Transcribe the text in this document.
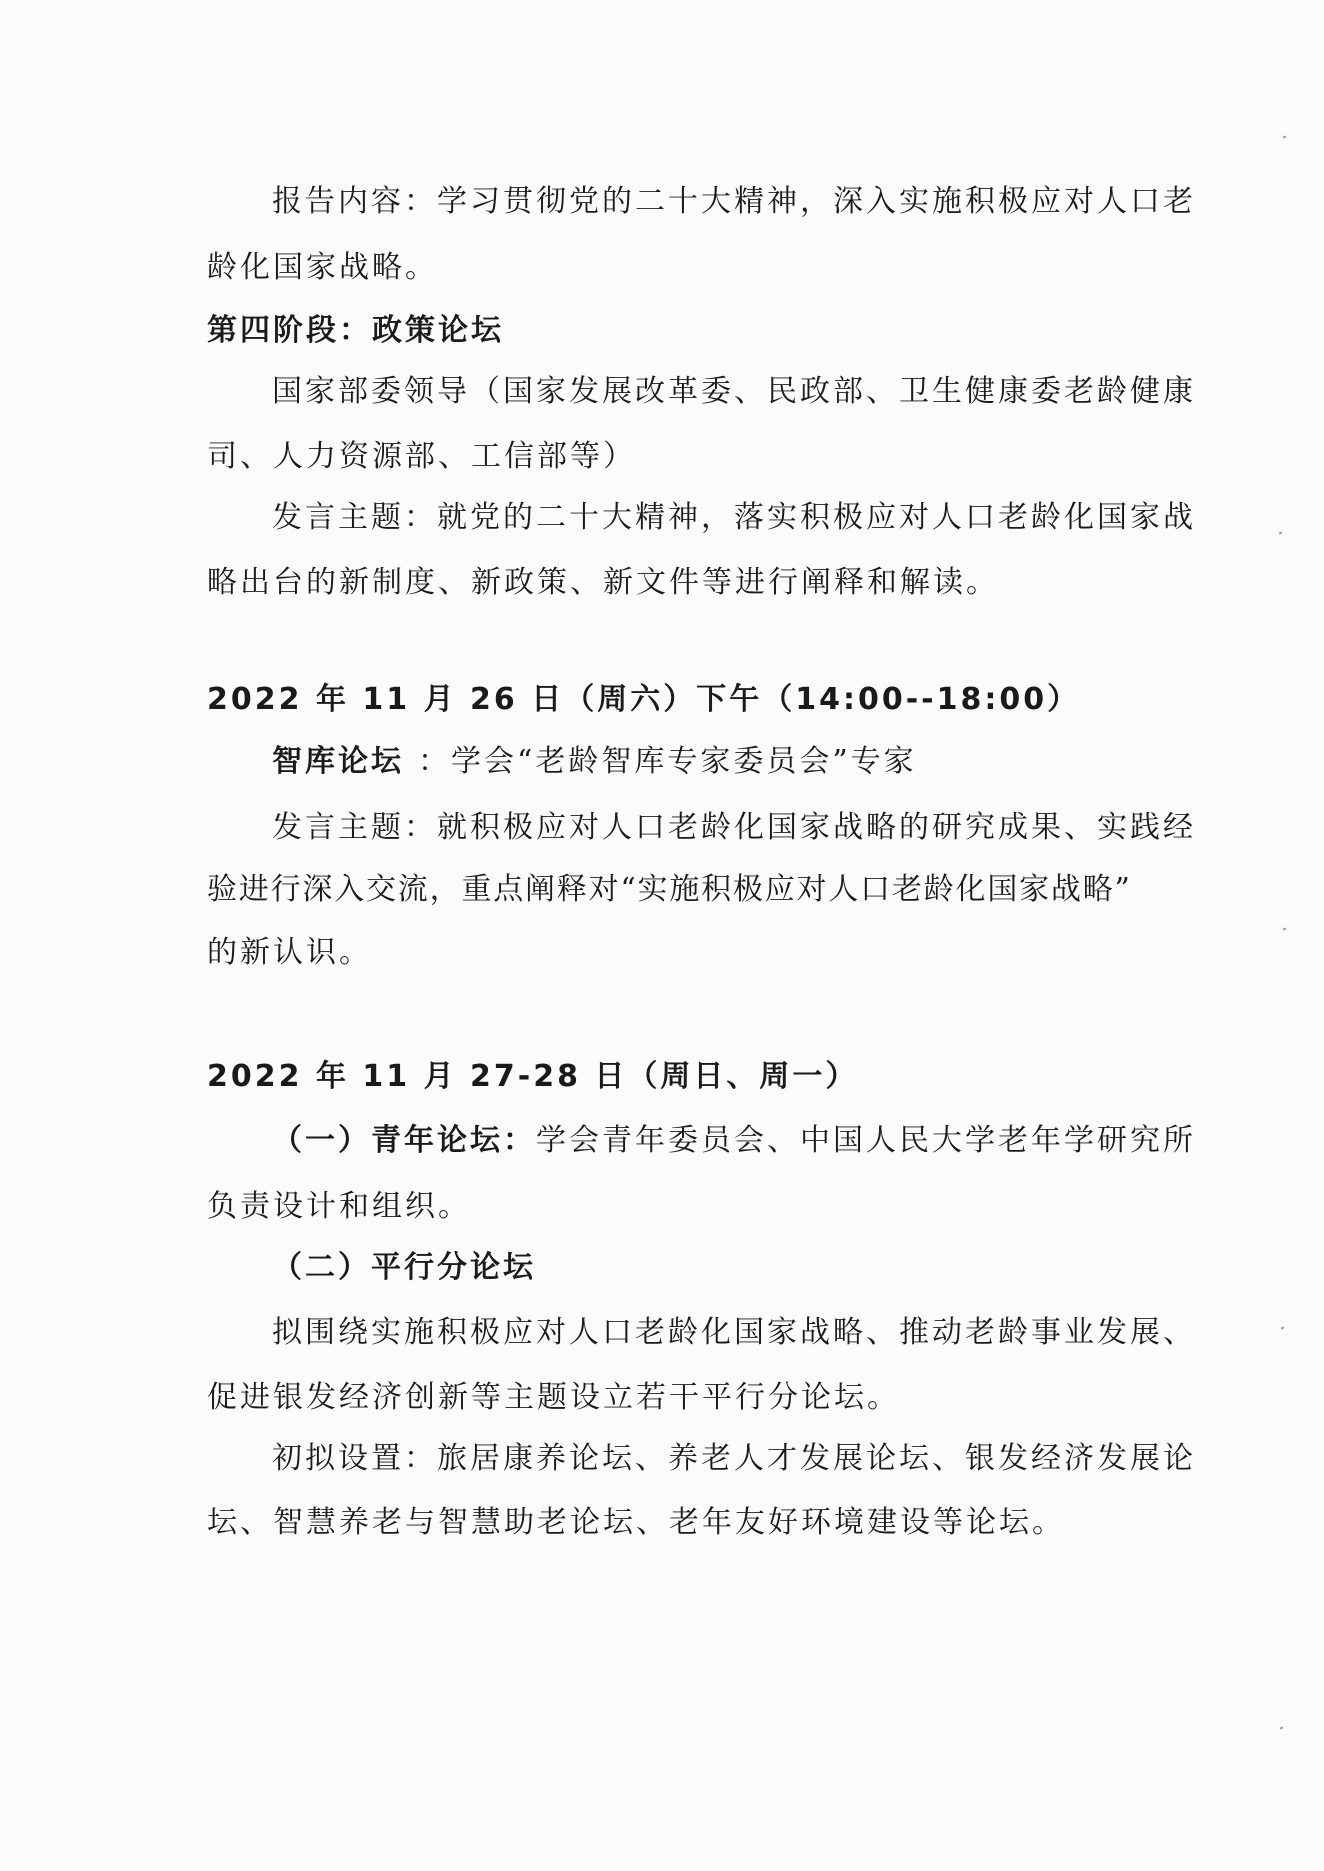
报告内容：学习贯彻党的二十大精神，深入实施积极应对人口老
龄化国家战略。
第四阶段：政策论坛
国家部委领导（国家发展改革委、民政部、卫生健康委老龄健康
司、人力资源部、工信部等）
发言主题：就党的二十大精神，落实积极应对人口老龄化国家战
略出台的新制度、新政策、新文件等进行阐释和解读。
2022 年 11 月 26 日（周六）下午（14:00--18:00）
智库论坛 ：学会“老龄智库专家委员会”专家
发言主题：就积极应对人口老龄化国家战略的研究成果、实践经
验进行深入交流，重点阐释对“实施积极应对人口老龄化国家战略”
的新认识。
2022 年 11 月 27-28 日（周日、周一）
（一）青年论坛：学会青年委员会、中国人民大学老年学研究所
负责设计和组织。
（二）平行分论坛
拟围绕实施积极应对人口老龄化国家战略、推动老龄事业发展、
促进银发经济创新等主题设立若干平行分论坛。
初拟设置：旅居康养论坛、养老人才发展论坛、银发经济发展论
坛、智慧养老与智慧助老论坛、老年友好环境建设等论坛。
